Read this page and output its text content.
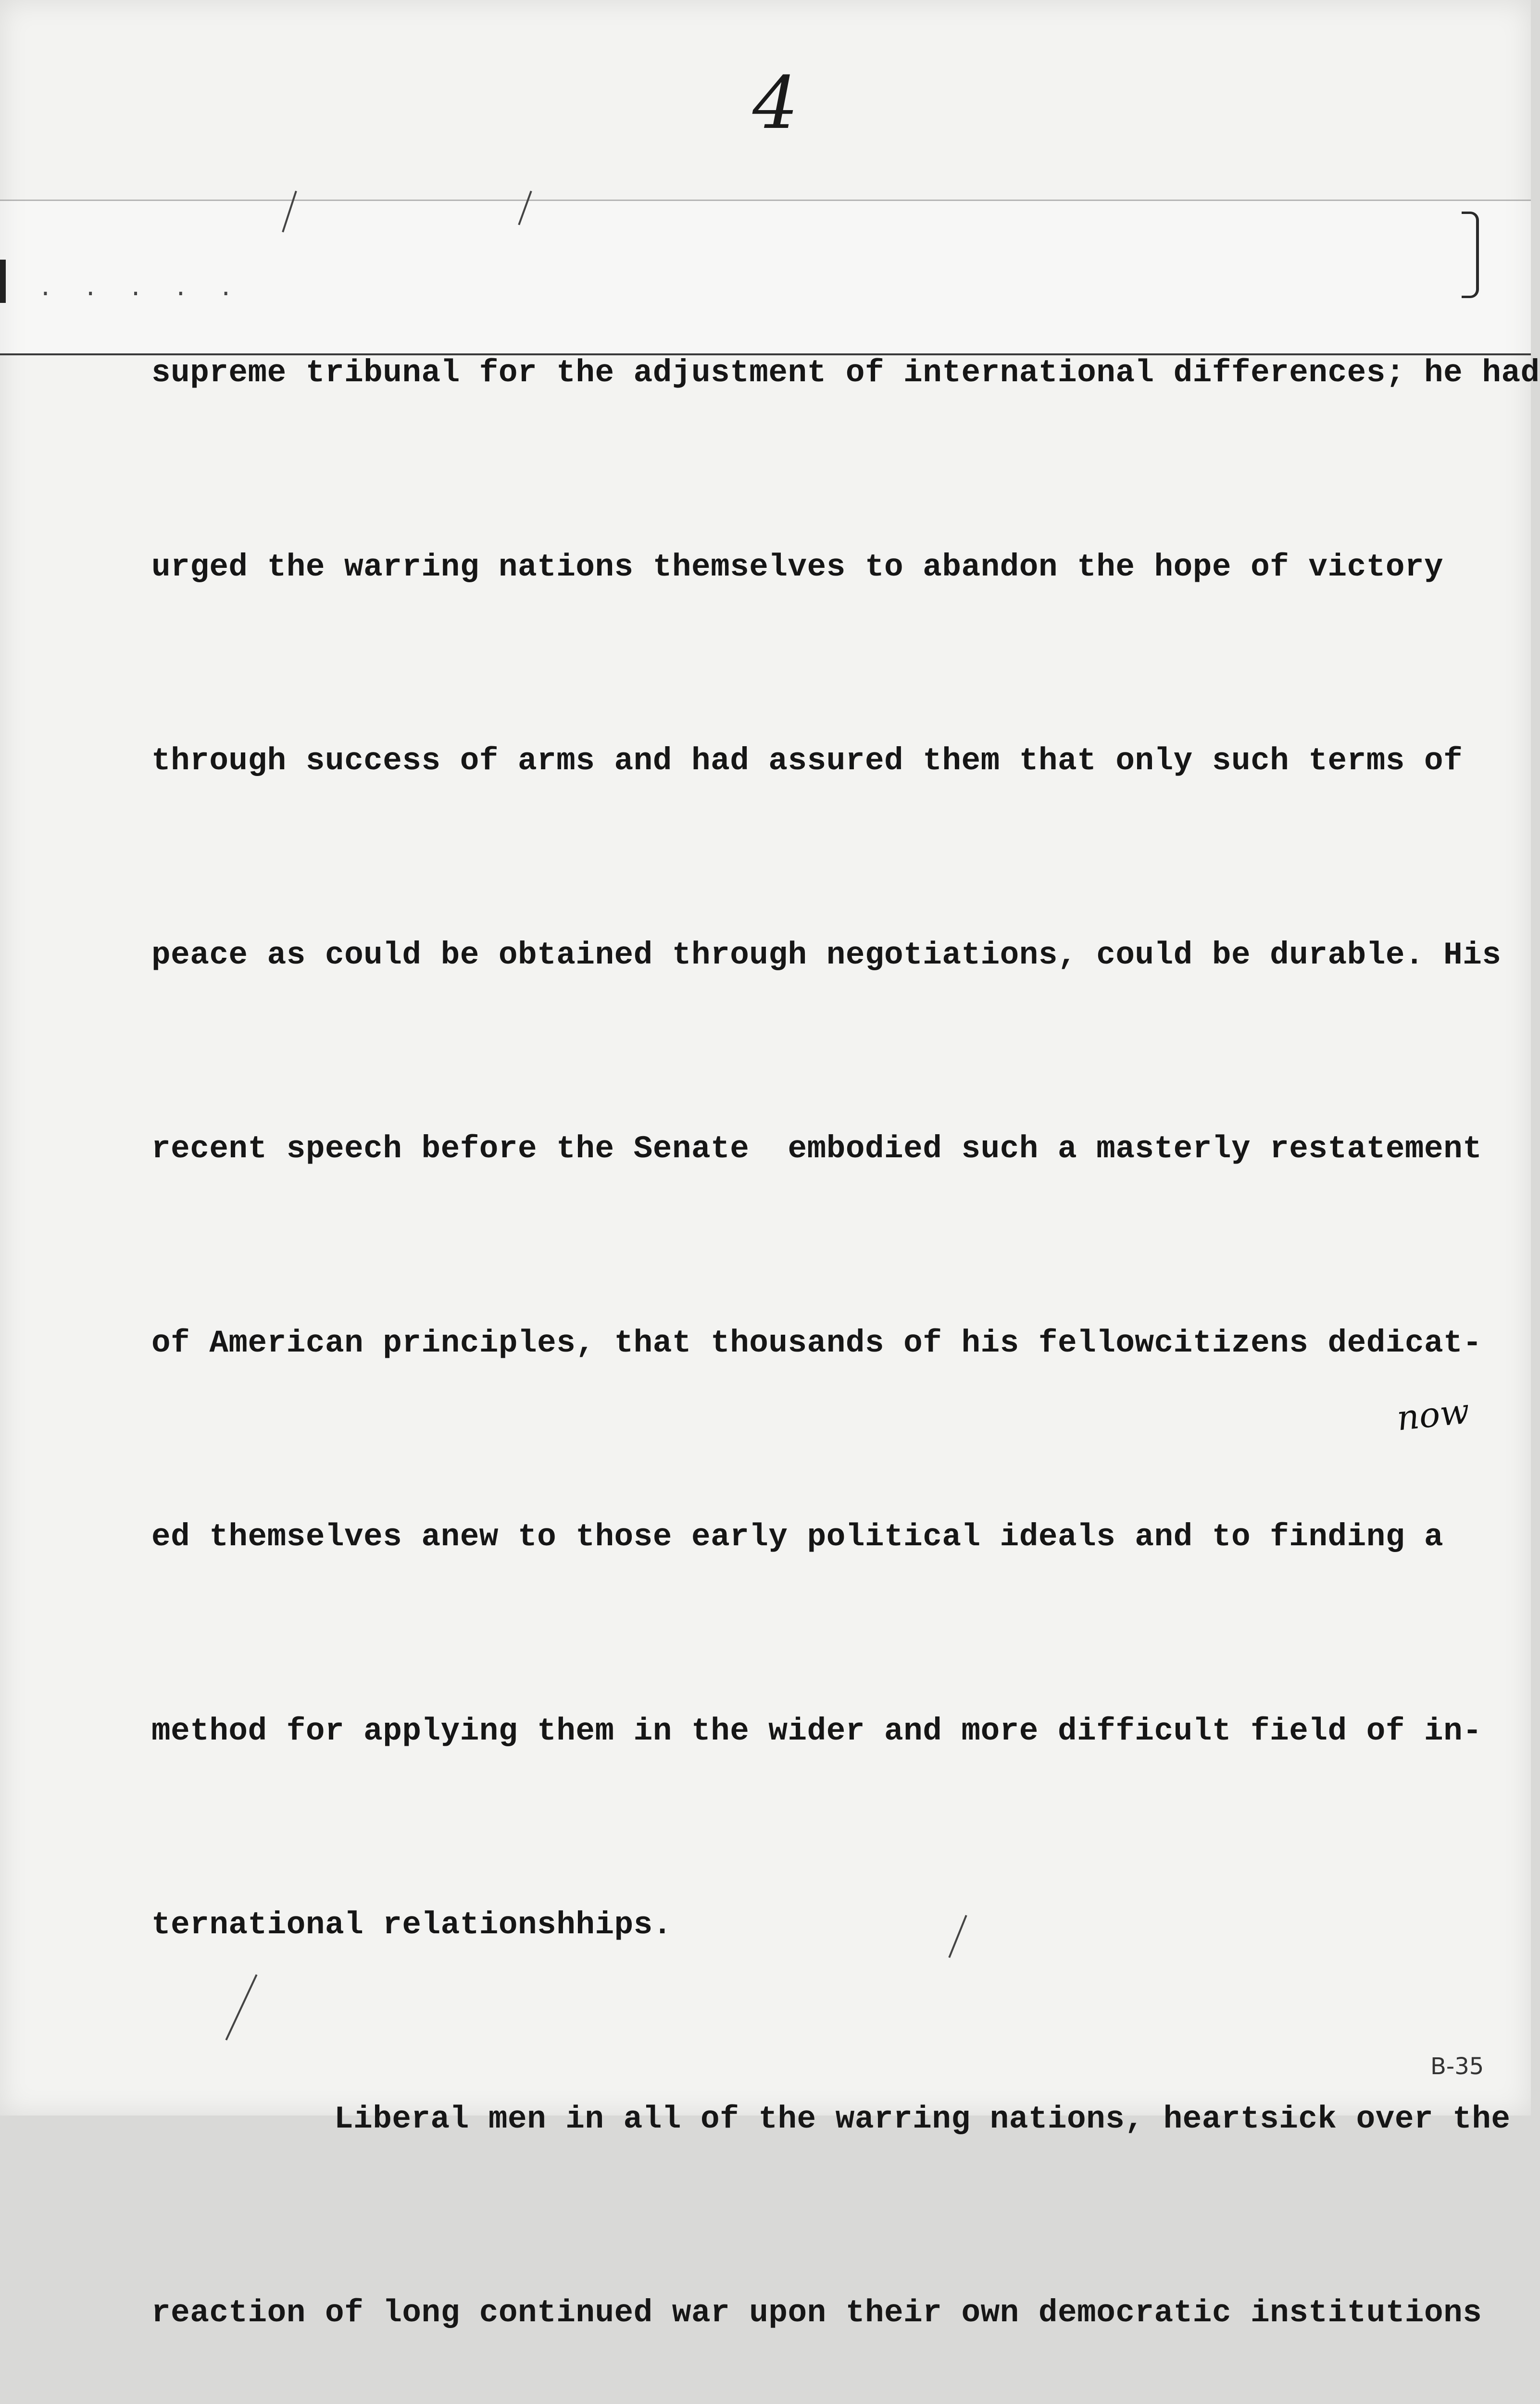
. . . . .
4

supreme tribunal for the adjustment of international differences; he had

urged the warring nations themselves to abandon the hope of victory

through success of arms and had assured them that only such terms of

peace as could be obtained through negotiations, could be durable. His

recent speech before the Senate  embodied such a masterly restatement

of American principles, that thousands of his fellowcitizens dedicat-

ed themselves anew to those early political ideals and to finding a

method for applying them in the wider and more difficult field of in-

ternational relationshhips.

Liberal men in all of the warring nations, heartsick over the

reaction of long continued war upon their own democratic institutions

now
B-35
